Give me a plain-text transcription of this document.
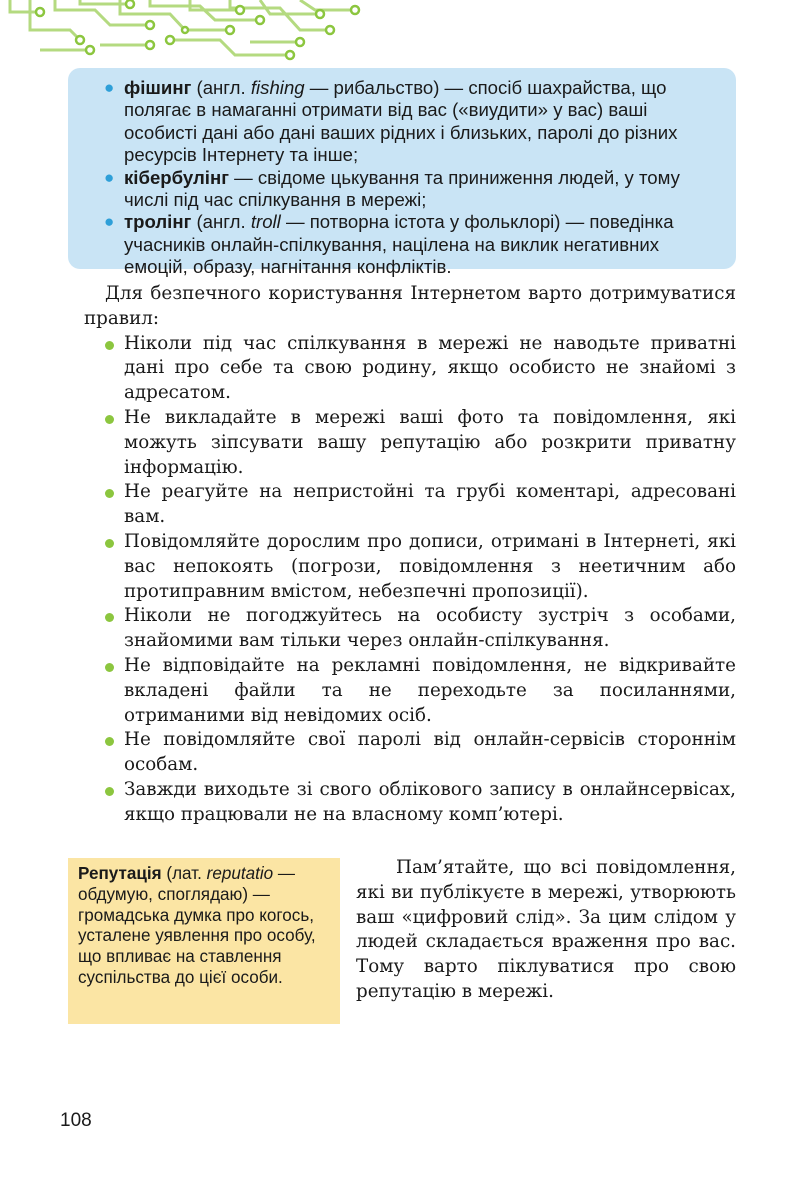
● фішинг (англ. fishing — рибальство) — спосіб шахрайства, що полягає в намаганні отримати від вас («виудити» у вас) ваші особисті дані або дані ваших рідних і близьких, паролі до різних ресурсів Інтернету та інше;
● кібербулінг — свідоме цькування та приниження людей, у тому числі під час спілкування в мережі;
● тролінг (англ. troll — потворна істота у фольклорі) — поведінка учасників онлайн-спілкування, націлена на виклик негативних емоцій, образу, нагнітання конфліктів.

Для безпечного користування Інтернетом варто дотримуватися правил:

Ніколи під час спілкування в мережі не наводьте приватні дані про себе та свою родину, якщо особисто не знайомі з адресатом.
Не викладайте в мережі ваші фото та повідомлення, які можуть зіпсувати вашу репутацію або розкрити приватну інформацію.
Не реагуйте на непристойні та грубі коментарі, адресовані вам.
Повідомляйте дорослим про дописи, отримані в Інтернеті, які вас непокоять (погрози, повідомлення з неетичним або протиправним вмістом, небезпечні пропозиції).
Ніколи не погоджуйтесь на особисту зустріч з особами, знайомими вам тільки через онлайн-спілкування.
Не відповідайте на рекламні повідомлення, не відкривайте вкладені файли та не переходьте за посиланнями, отриманими від невідомих осіб.
Не повідомляйте свої паролі від онлайн-сервісів стороннім особам.
Завжди виходьте зі свого облікового запису в онлайнсервісах, якщо працювали не на власному комп’ютері.
Репутація (лат. reputatio — обдумую, споглядаю) — громадська думка про когось, усталене уявлення про особу, що впливає на ставлення суспільства до цієї особи.

Пам’ятайте, що всі повідомлення, які ви публікуєте в мережі, утворюють ваш «цифровий слід». За цим слідом у людей складається враження про вас. Тому варто піклуватися про свою репутацію в мережі.

108
